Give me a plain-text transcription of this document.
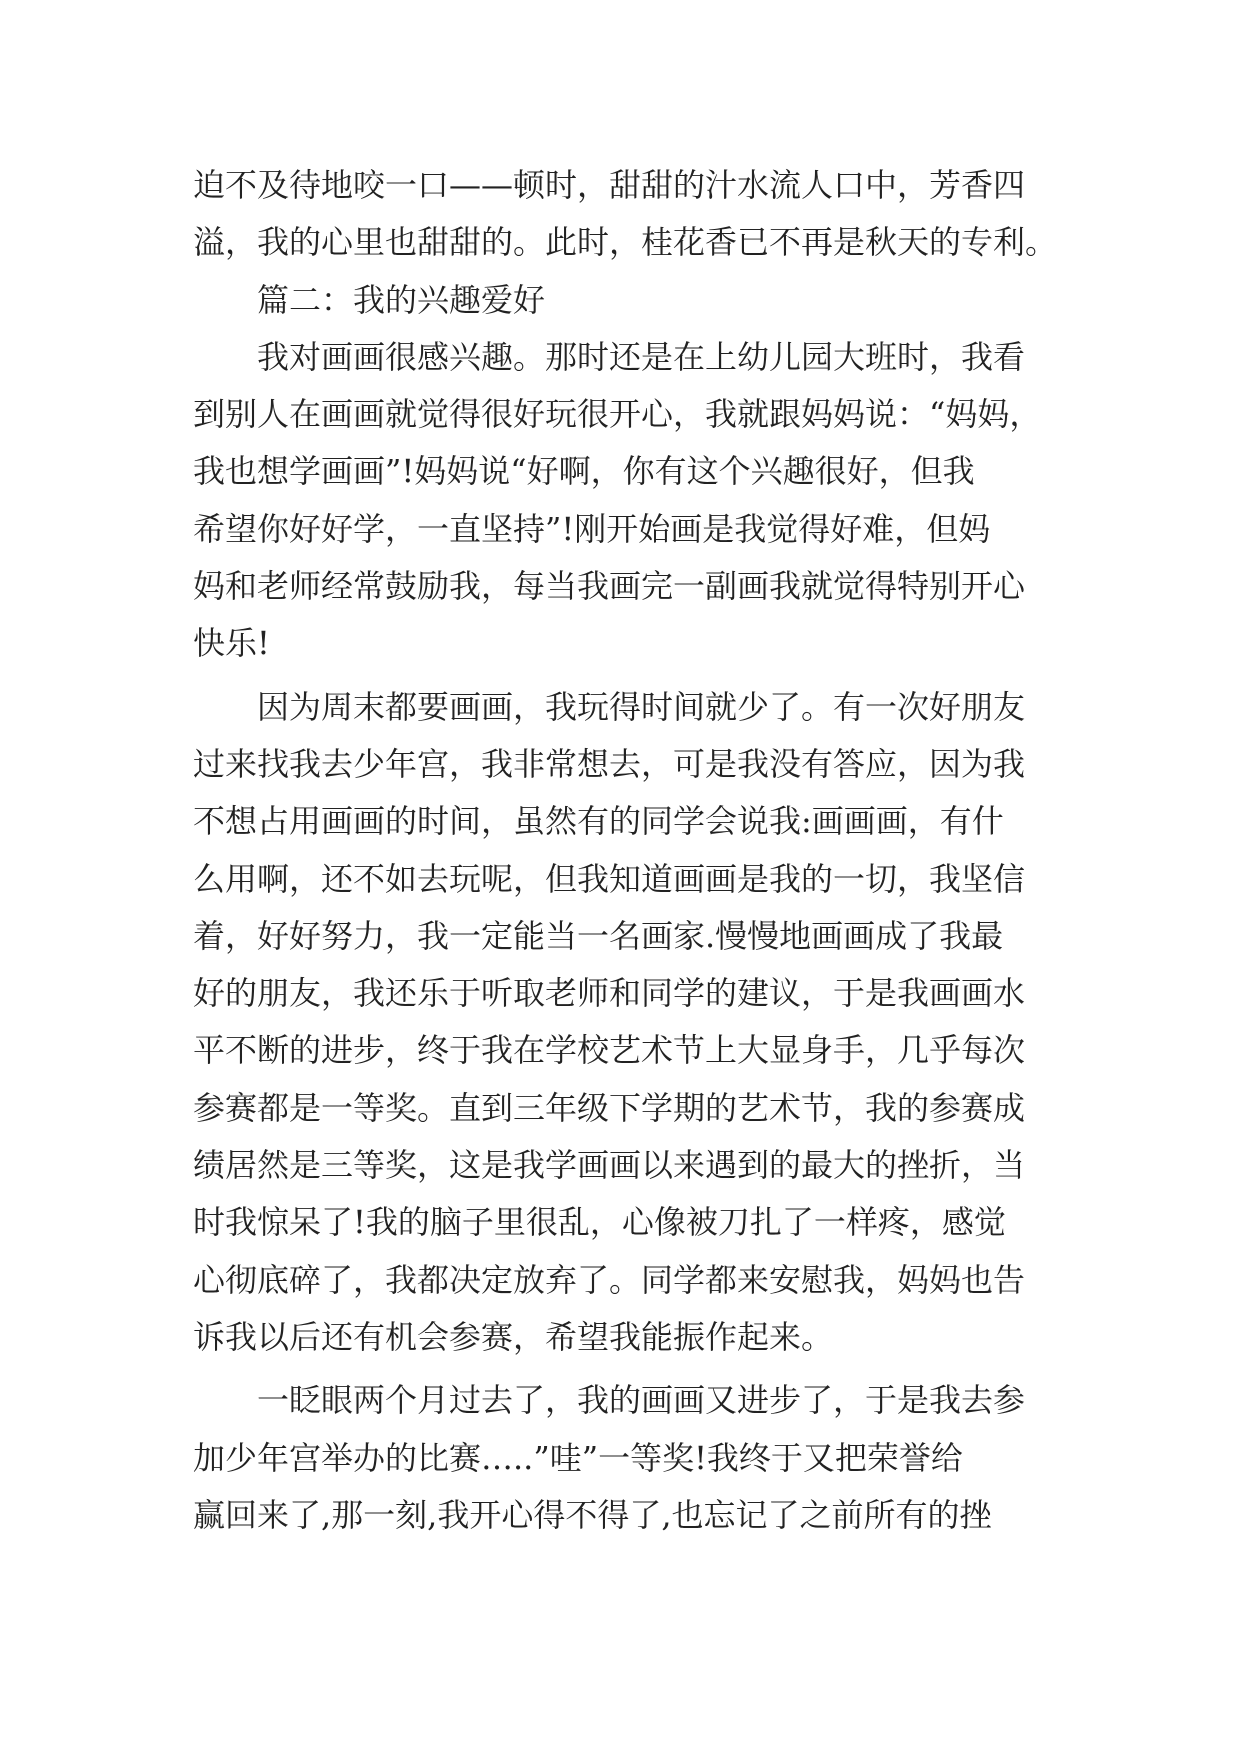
迫不及待地咬一口——顿时，甜甜的汁水流人口中，芳香四
溢，我的心里也甜甜的。此时，桂花香已不再是秋天的专利。
篇二：我的兴趣爱好
我对画画很感兴趣。那时还是在上幼儿园大班时，我看
到别人在画画就觉得很好玩很开心，我就跟妈妈说：“妈妈，
我也想学画画”!妈妈说“好啊，你有这个兴趣很好，但我
希望你好好学，一直坚持”!刚开始画是我觉得好难，但妈
妈和老师经常鼓励我，每当我画完一副画我就觉得特别开心
快乐!
因为周末都要画画，我玩得时间就少了。有一次好朋友
过来找我去少年宫，我非常想去，可是我没有答应，因为我
不想占用画画的时间，虽然有的同学会说我:画画画，有什
么用啊，还不如去玩呢，但我知道画画是我的一切，我坚信
着，好好努力，我一定能当一名画家.慢慢地画画成了我最
好的朋友，我还乐于听取老师和同学的建议，于是我画画水
平不断的进步，终于我在学校艺术节上大显身手，几乎每次
参赛都是一等奖。直到三年级下学期的艺术节，我的参赛成
绩居然是三等奖，这是我学画画以来遇到的最大的挫折，当
时我惊呆了!我的脑子里很乱，心像被刀扎了一样疼，感觉
心彻底碎了，我都决定放弃了。同学都来安慰我，妈妈也告
诉我以后还有机会参赛，希望我能振作起来。
一眨眼两个月过去了，我的画画又进步了，于是我去参
加少年宫举办的比赛…..”哇”一等奖!我终于又把荣誉给
赢回来了,那一刻,我开心得不得了,也忘记了之前所有的挫
